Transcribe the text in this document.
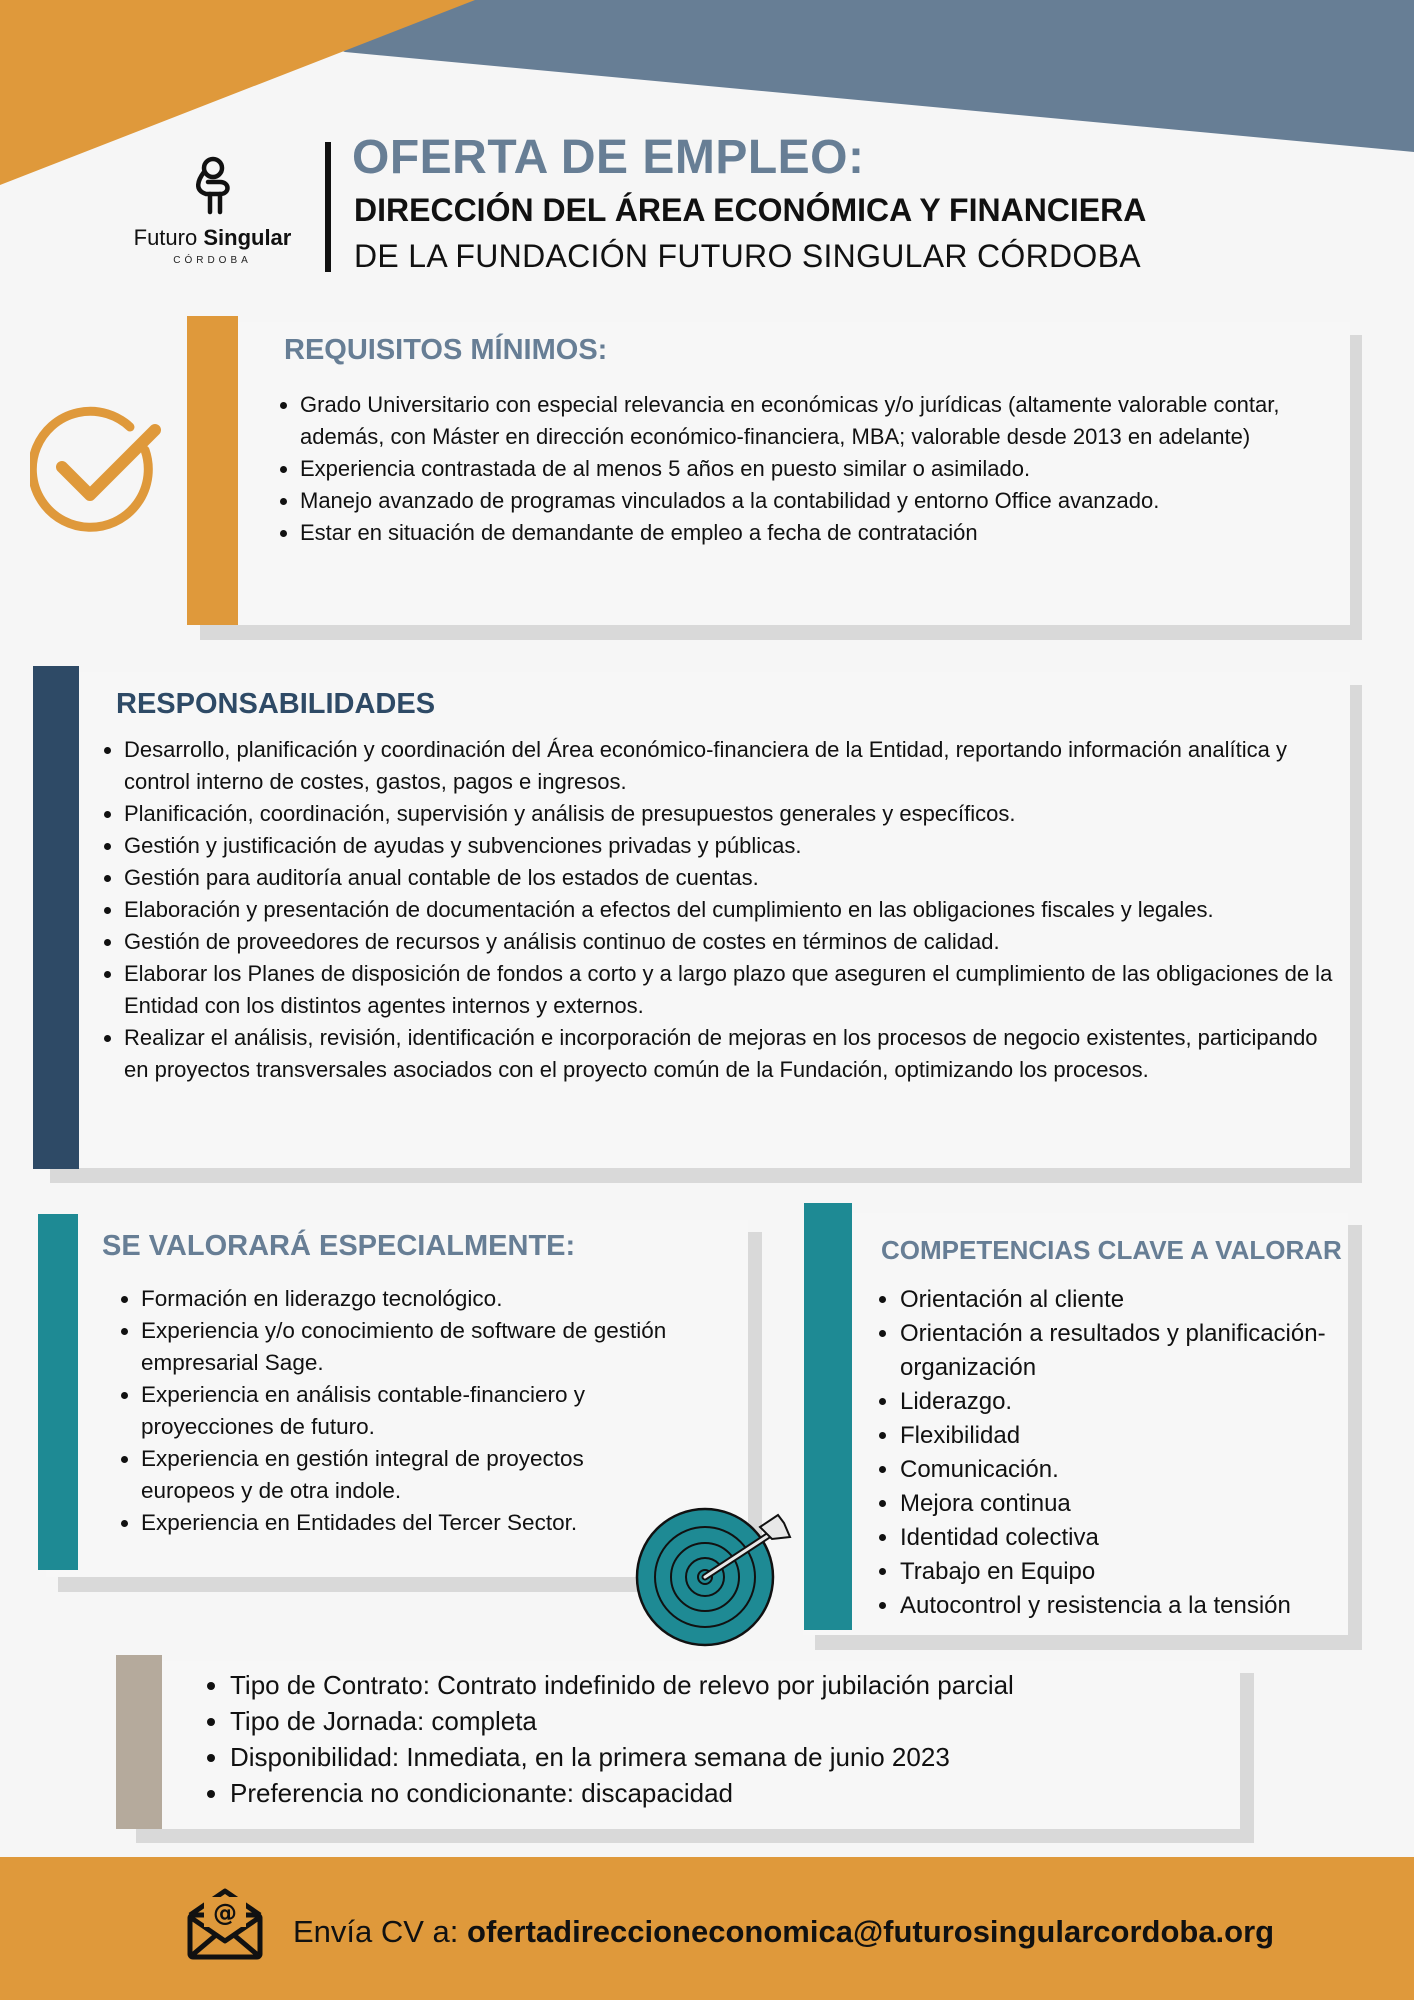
Futuro Singular
CÓRDOBA
OFERTA DE EMPLEO:
DIRECCIÓN DEL ÁREA ECONÓMICA Y FINANCIERA
DE LA FUNDACIÓN FUTURO SINGULAR CÓRDOBA
REQUISITOS MÍNIMOS:
• Grado Universitario con especial relevancia en económicas y/o jurídicas (altamente valorable contar, además, con Máster en dirección económico-financiera, MBA; valorable desde 2013 en adelante)
• Experiencia contrastada de al menos 5 años en puesto similar o asimilado.
• Manejo avanzado de programas vinculados a la contabilidad y entorno Office avanzado.
• Estar en situación de demandante de empleo a fecha de contratación
RESPONSABILIDADES
• Desarrollo, planificación y coordinación del Área económico-financiera de la Entidad, reportando información analítica y control interno de costes, gastos, pagos e ingresos.
• Planificación, coordinación, supervisión y análisis de presupuestos generales y específicos.
• Gestión y justificación de ayudas y subvenciones privadas y públicas.
• Gestión para auditoría anual contable de los estados de cuentas.
• Elaboración y presentación de documentación a efectos del cumplimiento en las obligaciones fiscales y legales.
• Gestión de proveedores de recursos y análisis continuo de costes en términos de calidad.
• Elaborar los Planes de disposición de fondos a corto y a largo plazo que aseguren el cumplimiento de las obligaciones de la Entidad con los distintos agentes internos y externos.
• Realizar el análisis, revisión, identificación e incorporación de mejoras en los procesos de negocio existentes, participando en proyectos transversales asociados con el proyecto común de la Fundación, optimizando los procesos.
SE VALORARÁ ESPECIALMENTE:
• Formación en liderazgo tecnológico.
• Experiencia y/o conocimiento de software de gestión empresarial Sage.
• Experiencia en análisis contable-financiero y proyecciones de futuro.
• Experiencia en gestión integral de proyectos europeos y de otra indole.
• Experiencia en Entidades del Tercer Sector.
COMPETENCIAS CLAVE A VALORAR
• Orientación al cliente
• Orientación a resultados y planificación-organización
• Liderazgo.
• Flexibilidad
• Comunicación.
• Mejora continua
• Identidad colectiva
• Trabajo en Equipo
• Autocontrol y resistencia a la tensión
• Tipo de Contrato: Contrato indefinido de relevo por jubilación parcial
• Tipo de Jornada: completa
• Disponibilidad: Inmediata, en la primera semana de junio 2023
• Preferencia no condicionante: discapacidad
@
Envía CV a: ofertadireccioneconomica@futurosingularcordoba.org
